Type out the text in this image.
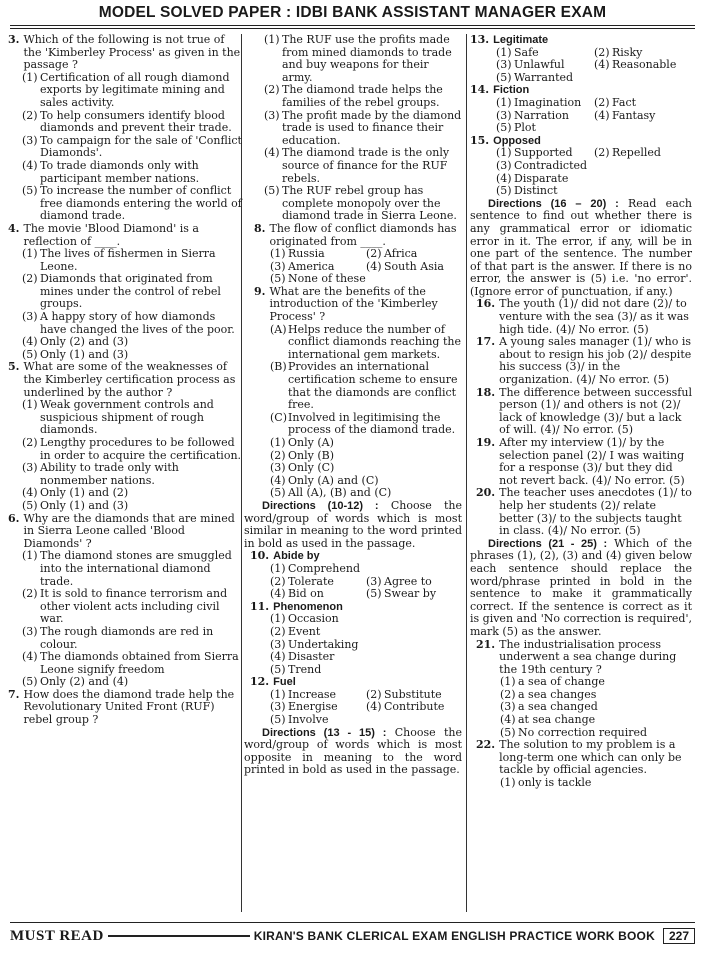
MODEL SOLVED PAPER : IDBI BANK ASSISTANT MANAGER EXAM
3. Which of the following is not true of the 'Kimberley Process' as given in the passage ?
(1) Certification of all rough diamond exports by legitimate mining and sales activity.
(2) To help consumers identify blood diamonds and prevent their trade.
(3) To campaign for the sale of 'Conflict Diamonds'.
(4) To trade diamonds only with participant member nations.
(5) To increase the number of conflict free diamonds entering the world of diamond trade.
4. The movie 'Blood Diamond' is a reflection of ____.
(1) The lives of fishermen in Sierra Leone.
(2) Diamonds that originated from mines under the control of rebel groups.
(3) A happy story of how diamonds have changed the lives of the poor.
(4) Only (2) and (3)
(5) Only (1) and (3)
5. What are some of the weaknesses of the Kimberley certification process as underlined by the author ?
(1) Weak government controls and suspicious shipment of rough diamonds.
(2) Lengthy procedures to be followed in order to acquire the certification.
(3) Ability to trade only with nonmember nations.
(4) Only (1) and (2)
(5) Only (1) and (3)
6. Why are the diamonds that are mined in Sierra Leone called 'Blood Diamonds' ?
(1) The diamond stones are smuggled into the international diamond trade.
(2) It is sold to finance terrorism and other violent acts including civil war.
(3) The rough diamonds are red in colour.
(4) The diamonds obtained from Sierra Leone signify freedom
(5) Only (2) and (4)
7. How does the diamond trade help the Revolutionary United Front (RUF) rebel group ?
(1) The RUF use the profits made from mined diamonds to trade and buy weapons for their army.
(2) The diamond trade helps the families of the rebel groups.
(3) The profit made by the diamond trade is used to finance their education.
(4) The diamond trade is the only source of finance for the RUF rebels.
(5) The RUF rebel group has complete monopoly over the diamond trade in Sierra Leone.
8. The flow of conflict diamonds has originated from ____.
(1) Russia	(2) Africa
(3) America	(4) South Asia
(5) None of these
9. What are the benefits of the introduction of the 'Kimberley Process' ?
(A) Helps reduce the number of conflict diamonds reaching the international gem markets.
(B) Provides an international certification scheme to ensure that the diamonds are conflict free.
(C) Involved in legitimising the process of the diamond trade.
(1) Only (A)
(2) Only (B)
(3) Only (C)
(4) Only (A) and (C)
(5) All (A), (B) and (C)
Directions (10-12) : Choose the word/group of words which is most similar in meaning to the word printed in bold as used in the passage.
10. Abide by
(1) Comprehend
(2) Tolerate	(3) Agree to
(4) Bid on	(5) Swear by
11. Phenomenon
(1) Occasion
(2) Event
(3) Undertaking
(4) Disaster
(5) Trend
12. Fuel
(1) Increase	(2) Substitute
(3) Energise	(4) Contribute
(5) Involve
Directions (13 - 15) : Choose the word/group of words which is most opposite in meaning to the word printed in bold as used in the passage.
13. Legitimate
(1) Safe	(2) Risky
(3) Unlawful	(4) Reasonable
(5) Warranted
14. Fiction
(1) Imagination	(2) Fact
(3) Narration	(4) Fantasy
(5) Plot
15. Opposed
(1) Supported	(2) Repelled
(3) Contradicted
(4) Disparate
(5) Distinct
Directions (16 – 20) : Read each sentence to find out whether there is any grammatical error or idiomatic error in it. The error, if any, will be in one part of the sentence. The number of that part is the answer. If there is no error, the answer is (5) i.e. 'no error'. (Ignore error of punctuation, if any.)
16. The youth (1)/ did not dare (2)/ to venture with the sea (3)/ as it was high tide. (4)/ No error. (5)
17. A young sales manager (1)/ who is about to resign his job (2)/ despite his success (3)/ in the organization. (4)/ No error. (5)
18. The difference between successful person (1)/ and others is not (2)/ lack of knowledge (3)/ but a lack of will. (4)/ No error. (5)
19. After my interview (1)/ by the selection panel (2)/ I was waiting for a response (3)/ but they did not revert back. (4)/ No error. (5)
20. The teacher uses anecdotes (1)/ to help her students (2)/ relate better (3)/ to the subjects taught in class. (4)/ No error. (5)
Directions (21 - 25) : Which of the phrases (1), (2), (3) and (4) given below each sentence should replace the word/phrase printed in bold in the sentence to make it grammatically correct. If the sentence is correct as it is given and 'No correction is required', mark (5) as the answer.
21. The industrialisation process underwent a sea change during the 19th century ?
(1) a sea of change
(2) a sea changes
(3) a sea changed
(4) at sea change
(5) No correction required
22. The solution to my problem is a long-term one which can only be tackle by official agencies.
(1) only is tackle
MUST READ	KIRAN'S BANK CLERICAL EXAM ENGLISH PRACTICE WORK BOOK	227
